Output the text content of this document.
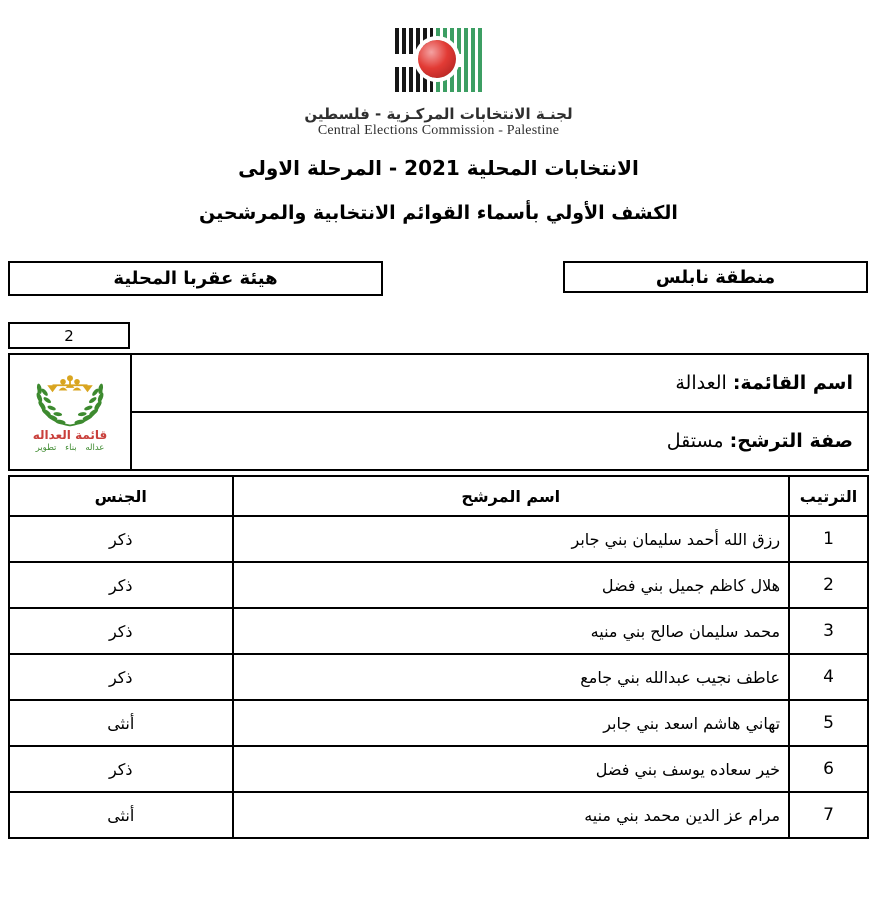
لجنـة الانتخابات المركـزية - فلسطين
Central Elections Commission - Palestine
الانتخابات المحلية 2021 - المرحلة الاولى
الكشف الأولي بأسماء القوائم الانتخابية والمرشحين
منطقة نابلس
هيئة عقربا المحلية
2
قائمة العداله
عداله بناء تطوير
اسم القائمة:
العدالة
صفة الترشح:
مستقل
الترتيب	اسم المرشح	الجنس
1	رزق الله أحمد سليمان بني جابر	ذكر
2	هلال كاظم جميل بني فضل	ذكر
3	محمد سليمان صالح بني منيه	ذكر
4	عاطف نجيب عبدالله بني جامع	ذكر
5	تهاني هاشم اسعد بني جابر	أنثى
6	خير سعاده يوسف بني فضل	ذكر
7	مرام عز الدين محمد بني منيه	أنثى
